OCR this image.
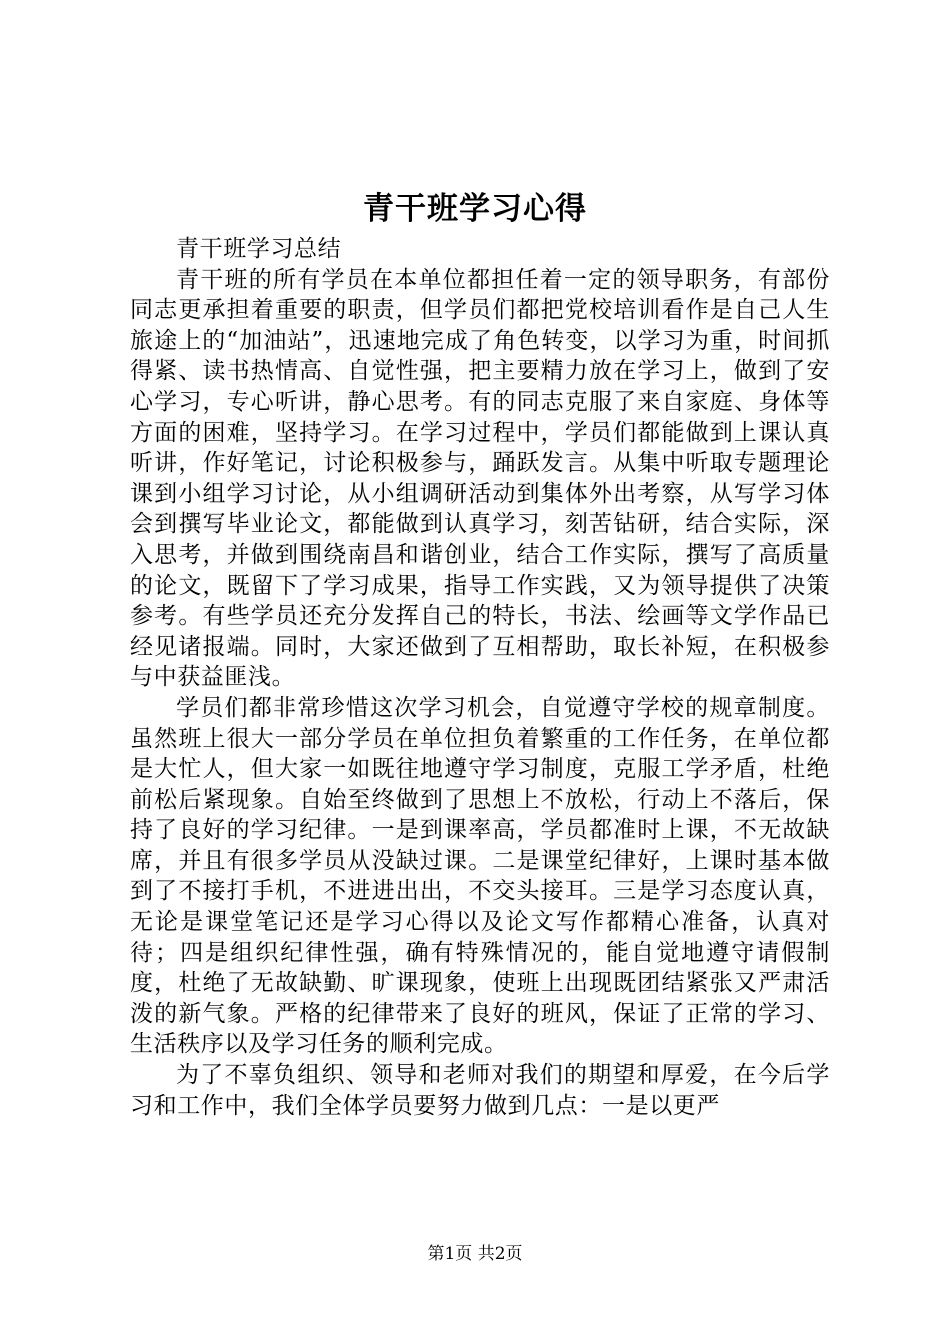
青干班学习心得

青干班学习总结

青干班的所有学员在本单位都担任着一定的领导职务，有部份同志更承担着重要的职责，但学员们都把党校培训看作是自己人生旅途上的“加油站”，迅速地完成了角色转变，以学习为重，时间抓得紧、读书热情高、自觉性强，把主要精力放在学习上，做到了安心学习，专心听讲，静心思考。有的同志克服了来自家庭、身体等方面的困难，坚持学习。在学习过程中，学员们都能做到上课认真听讲，作好笔记，讨论积极参与，踊跃发言。从集中听取专题理论课到小组学习讨论，从小组调研活动到集体外出考察，从写学习体会到撰写毕业论文，都能做到认真学习，刻苦钻研，结合实际，深入思考，并做到围绕南昌和谐创业，结合工作实际，撰写了高质量的论文，既留下了学习成果，指导工作实践，又为领导提供了决策参考。有些学员还充分发挥自己的特长，书法、绘画等文学作品已经见诸报端。同时，大家还做到了互相帮助，取长补短，在积极参与中获益匪浅。

学员们都非常珍惜这次学习机会，自觉遵守学校的规章制度。虽然班上很大一部分学员在单位担负着繁重的工作任务，在单位都是大忙人，但大家一如既往地遵守学习制度，克服工学矛盾，杜绝前松后紧现象。自始至终做到了思想上不放松，行动上不落后，保持了良好的学习纪律。一是到课率高，学员都准时上课，不无故缺席，并且有很多学员从没缺过课。二是课堂纪律好，上课时基本做到了不接打手机，不进进出出，不交头接耳。三是学习态度认真，无论是课堂笔记还是学习心得以及论文写作都精心准备，认真对待；四是组织纪律性强，确有特殊情况的，能自觉地遵守请假制度，杜绝了无故缺勤、旷课现象，使班上出现既团结紧张又严肃活泼的新气象。严格的纪律带来了良好的班风，保证了正常的学习、生活秩序以及学习任务的顺利完成。

为了不辜负组织、领导和老师对我们的期望和厚爱，在今后学习和工作中，我们全体学员要努力做到几点：一是以更严

第1页 共2页
